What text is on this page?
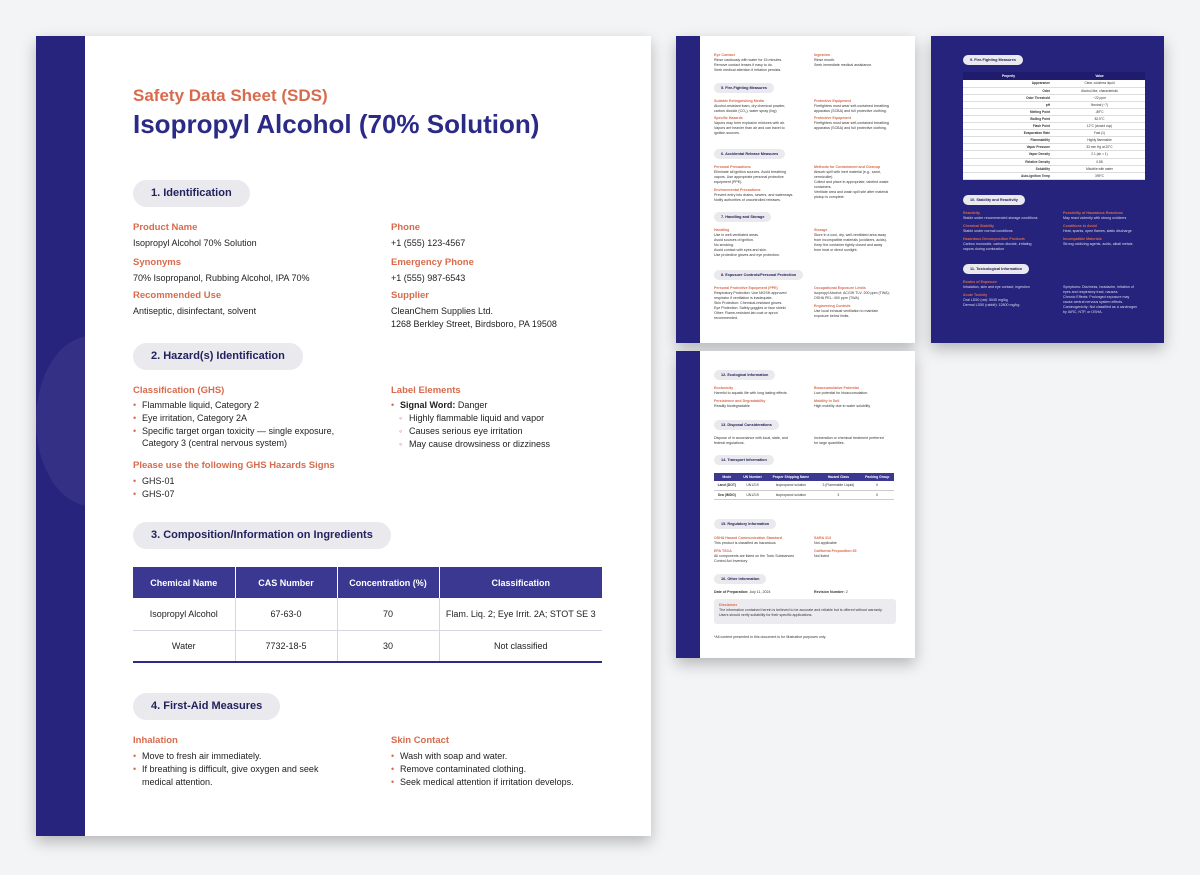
Safety Data Sheet (SDS)
Isopropyl Alcohol (70% Solution)
1. Identification
Product Name
Isopropyl Alcohol 70% Solution
Synonyms
70% Isopropanol, Rubbing Alcohol, IPA 70%
Recommended Use
Antiseptic, disinfectant, solvent
Phone
+1 (555) 123-4567
Emergency Phone
+1 (555) 987-6543
Supplier
CleanChem Supplies Ltd.
1268 Berkley Street, Birdsboro, PA 19508
2. Hazard(s) Identification
Classification (GHS)
• Flammable liquid, Category 2
• Eye irritation, Category 2A
• Specific target organ toxicity — single exposure, Category 3 (central nervous system)
Please use the following GHS Hazards Signs
• GHS-01
• GHS-07
Label Elements
• Signal Word: Danger
◦ Highly flammable liquid and vapor
◦ Causes serious eye irritation
◦ May cause drowsiness or dizziness
3. Composition/Information on Ingredients
Chemical Name	CAS Number	Concentration (%)	Classification
Isopropyl Alcohol	67-63-0	70	Flam. Liq. 2; Eye Irrit. 2A; STOT SE 3
Water	7732-18-5	30	Not classified
4. First-Aid Measures
Inhalation
• Move to fresh air immediately.
• If breathing is difficult, give oxygen and seek medical attention.
Skin Contact
• Wash with soap and water.
• Remove contaminated clothing.
• Seek medical attention if irritation develops.
Eye Contact
Rinse cautiously with water for 15 minutes.
Remove contact lenses if easy to do.
Seek medical attention if irritation persists.
Ingestion
Rinse mouth.
Seek immediate medical assistance.
5. Fire-Fighting Measures
Suitable Extinguishing Media
Alcohol-resistant foam, dry chemical powder,
carbon dioxide (CO₂), water spray (fog)
Specific Hazards
Vapors may form explosive mixtures with air.
Vapors are heavier than air and can travel to
ignition sources.
Protective Equipment
Firefighters must wear self-contained breathing
apparatus (SCBA) and full protective clothing.
Protective Equipment
Firefighters must wear self-contained breathing
apparatus (SCBA) and full protective clothing.
6. Accidental Release Measures
Personal Precautions
Eliminate all ignition sources. Avoid breathing
vapors. Use appropriate personal protective
equipment (PPE).
Environmental Precautions
Prevent entry into drains, sewers, and waterways.
Notify authorities of uncontrolled releases.
Methods for Containment and Cleanup
Absorb spill with inert material (e.g., sand,
vermiculite).
Collect and place in appropriate, labeled waste
containers.
Ventilate area and wash spill site after material
pickup is complete.
7. Handling and Storage
Handling
Use in well-ventilated areas.
Avoid sources of ignition.
No smoking.
Avoid contact with eyes and skin.
Use protective gloves and eye protection.
Storage
Store in a cool, dry, well-ventilated area away
from incompatible materials (oxidizers, acids).
Keep the container tightly closed and away
from heat or direct sunlight.
8. Exposure Controls/Personal Protection
Personal Protective Equipment (PPE)
Respiratory Protection: Use NIOSH-approved
respirator if ventilation is inadequate.
Skin Protection: Chemical-resistant gloves.
Eye Protection: Safety goggles or face shield.
Other: Flame-resistant lab coat or apron
recommended.
Occupational Exposure Limits
Isopropyl Alcohol: ACGIH TLV: 200 ppm (TWA);
OSHA PEL: 400 ppm (TWA)
Engineering Controls
Use local exhaust ventilation to maintain
exposure below limits.
12. Ecological Information
Ecotoxicity
Harmful to aquatic life with long lasting effects
Persistence and Degradability
Readily biodegradable
Bioaccumulative Potential
Low potential for bioaccumulation
Mobility in Soil
High mobility due to water solubility
13. Disposal Considerations
Dispose of in accordance with local, state, and
federal regulations.
Incineration or chemical treatment preferred
for large quantities.
14. Transport Information
Mode	UN Number	Proper Shipping Name	Hazard Class	Packing Group
Land (DOT)	UN1219	Isopropanol solution	3 (Flammable Liquid)	II
Sea (IMDG)	UN1219	Isopropanol solution	3	II
15. Regulatory Information
OSHA Hazard Communication Standard
This product is classified as hazardous
EPA TSCA
All components are listed on the Toxic Substances
Control Act Inventory
SARA 313
Not applicable
California Proposition 65
Not listed
16. Other Information
Date of Preparation: July 11, 2024	Revision Number: 2
Disclaimer
The information contained herein is believed to be accurate and reliable but is offered without warranty.
Users should verify suitability for their specific applications.
*All content presented in this document is for illustrative purposes only.
9. Fire-Fighting Measures
Property	Value
Appearance	Clear, colorless liquid
Odor	Alcohol-like, characteristic
Odor Threshold	~22 ppm
pH	Neutral (~7)
Melting Point	-89°C
Boiling Point	82.5°C
Flash Point	12°C (closed cup)
Evaporation Rate	Fast (1)
Flammability	Highly flammable
Vapor Pressure	33 mm Hg at 20°C
Vapor Density	2.1 (air = 1)
Relative Density	0.88
Solubility	Miscible with water
Auto-ignition Temp	399°C
10. Stability and Reactivity
Reactivity
Stable under recommended storage conditions
Chemical Stability
Stable under normal conditions
Hazardous Decomposition Products
Carbon monoxide, carbon dioxide, irritating
vapors during combustion
Possibility of Hazardous Reactions
May react violently with strong oxidizers
Conditions to Avoid
Heat, sparks, open flames, static discharge
Incompatible Materials
Strong oxidizing agents, acids, alkali metals
11. Toxicological Information
Routes of Exposure
Inhalation, skin and eye contact, ingestion
Acute Toxicity
Oral LD50 (rat): 5045 mg/kg
Dermal LD50 (rabbit): 12800 mg/kg
Symptoms: Dizziness, headache, irritation of
eyes and respiratory tract, nausea.
Chronic Effects: Prolonged exposure may
cause central nervous system effects.
Carcinogenicity: Not classified as a carcinogen
by IARC, NTP, or OSHA.
